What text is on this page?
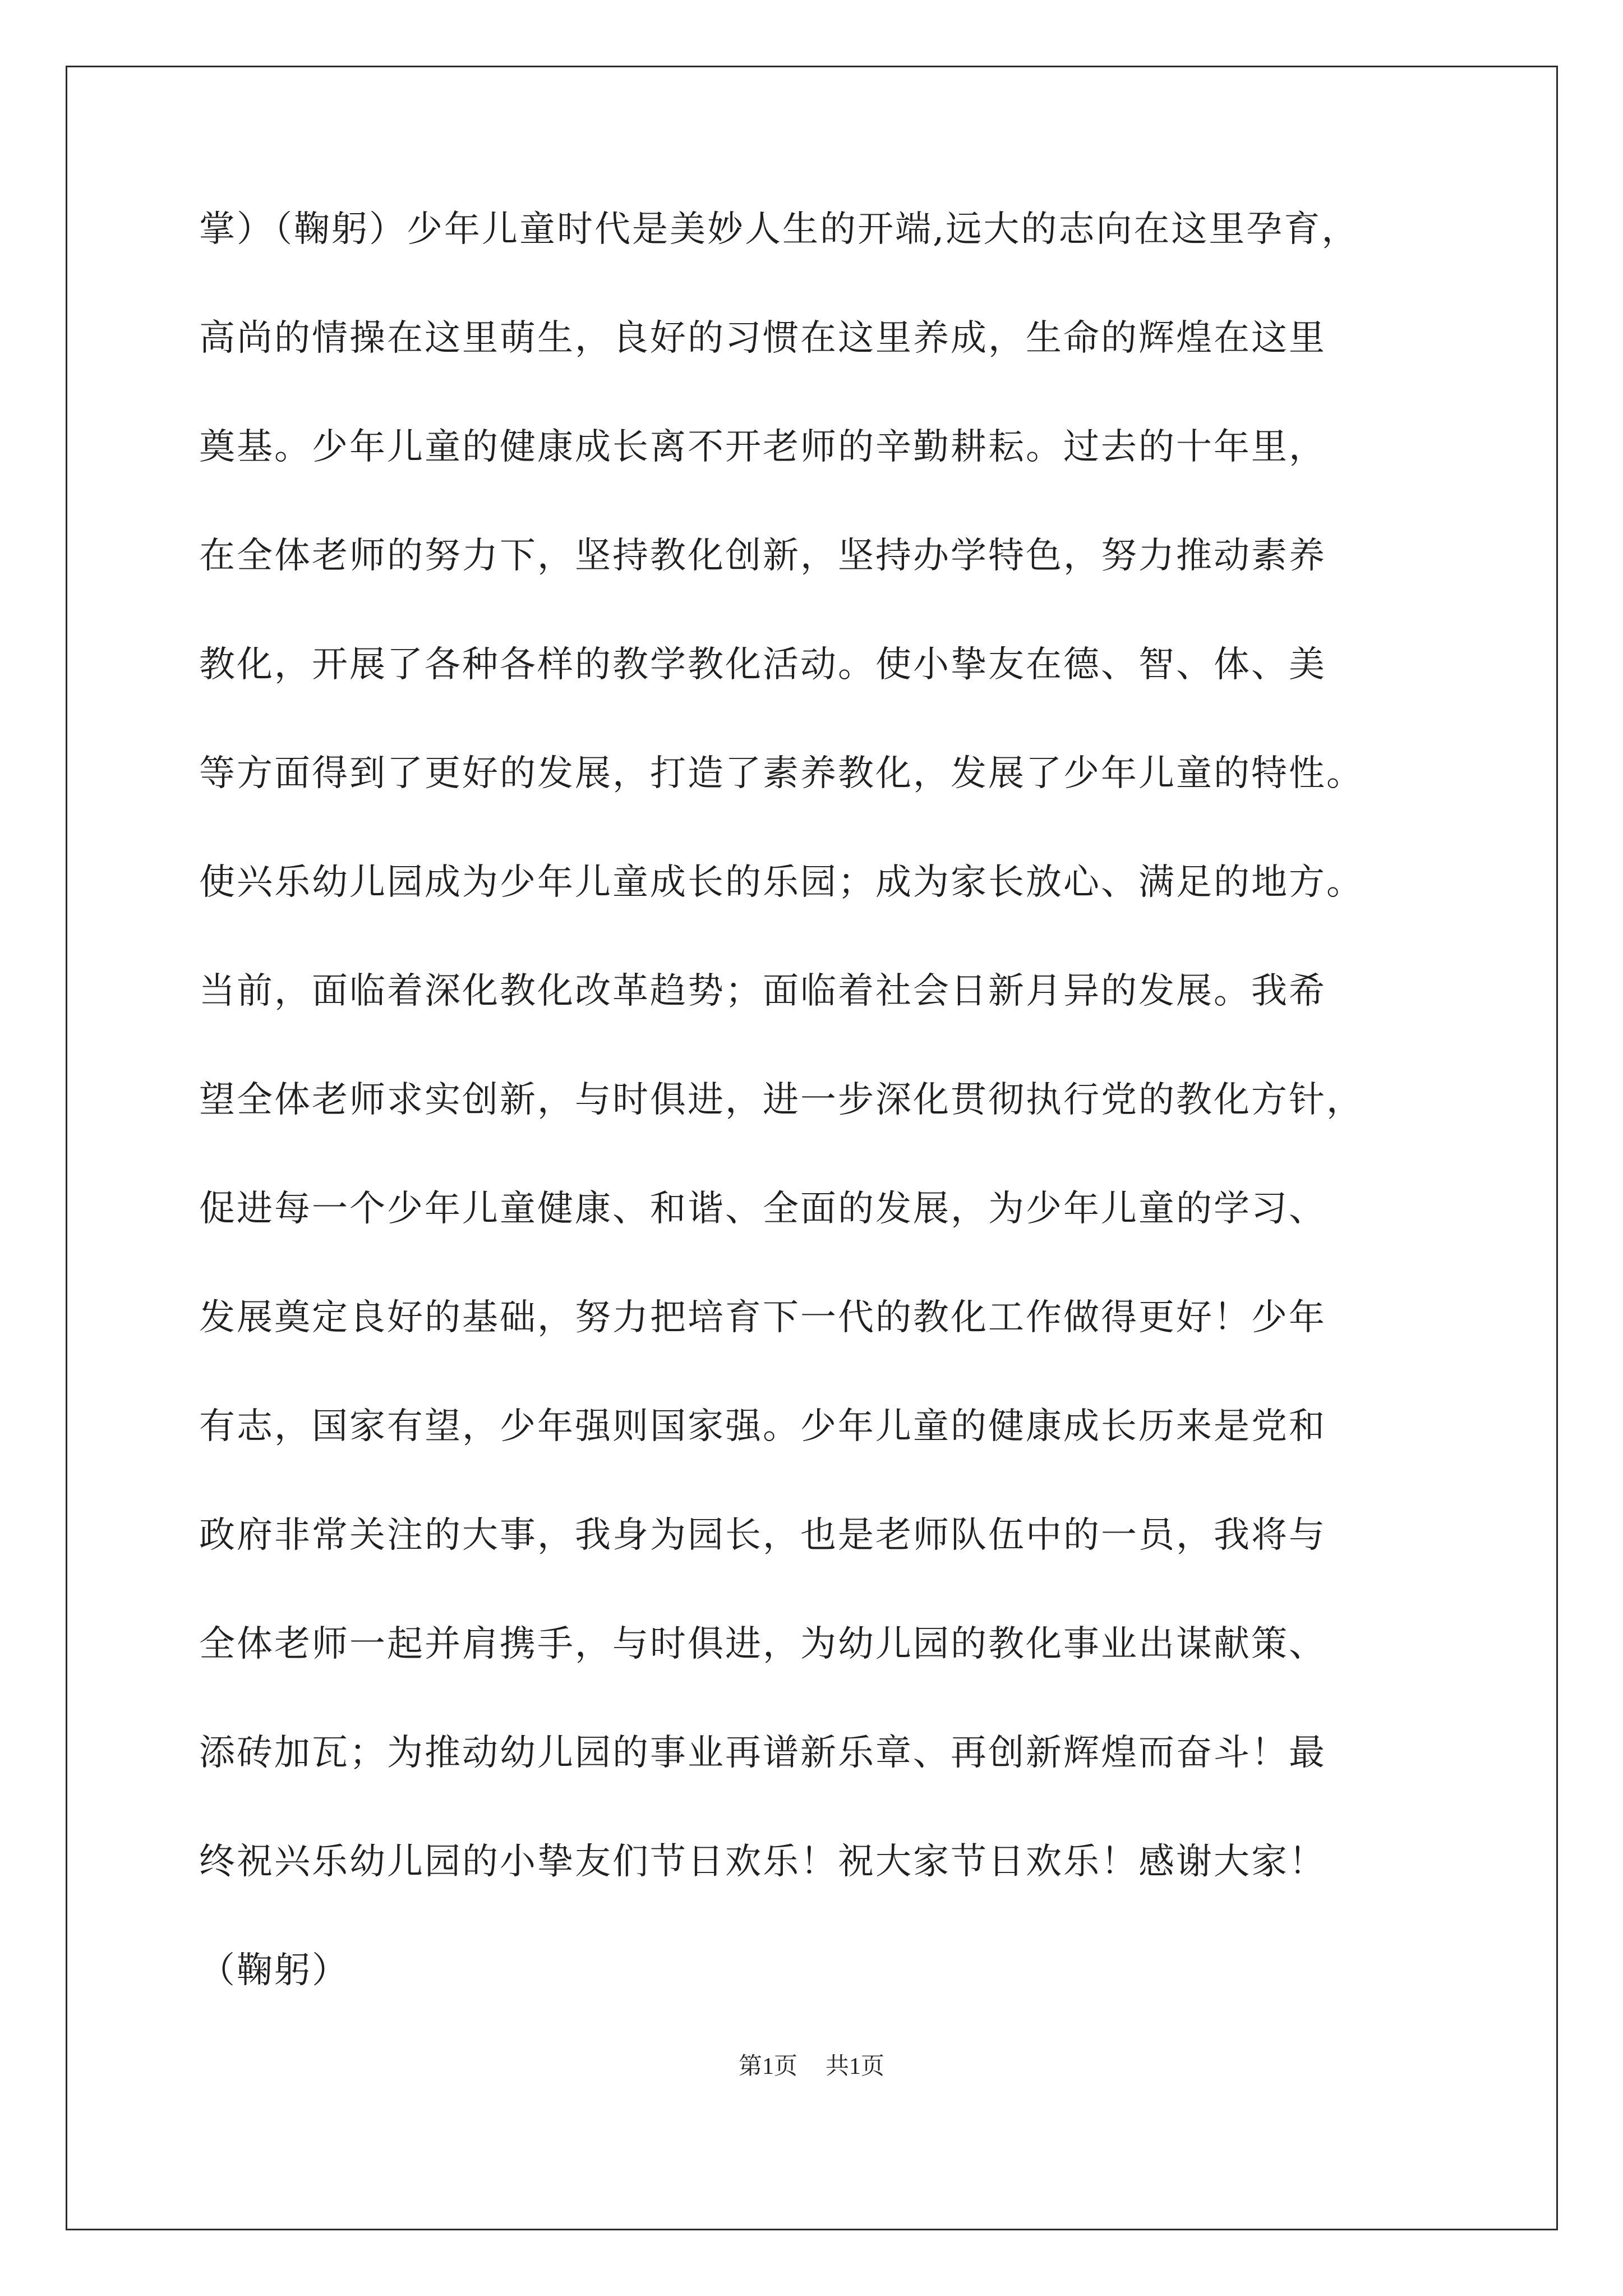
掌）（鞠躬）少年儿童时代是美妙人生的开端,远大的志向在这里孕育，
高尚的情操在这里萌生，良好的习惯在这里养成，生命的辉煌在这里
奠基。少年儿童的健康成长离不开老师的辛勤耕耘。过去的十年里，
在全体老师的努力下，坚持教化创新，坚持办学特色，努力推动素养
教化，开展了各种各样的教学教化活动。使小挚友在德、智、体、美
等方面得到了更好的发展，打造了素养教化，发展了少年儿童的特性。
使兴乐幼儿园成为少年儿童成长的乐园；成为家长放心、满足的地方。
当前，面临着深化教化改革趋势；面临着社会日新月异的发展。我希
望全体老师求实创新，与时俱进，进一步深化贯彻执行党的教化方针，
促进每一个少年儿童健康、和谐、全面的发展，为少年儿童的学习、
发展奠定良好的基础，努力把培育下一代的教化工作做得更好！少年
有志，国家有望，少年强则国家强。少年儿童的健康成长历来是党和
政府非常关注的大事，我身为园长，也是老师队伍中的一员，我将与
全体老师一起并肩携手，与时俱进，为幼儿园的教化事业出谋献策、
添砖加瓦；为推动幼儿园的事业再谱新乐章、再创新辉煌而奋斗！最
终祝兴乐幼儿园的小挚友们节日欢乐！祝大家节日欢乐！感谢大家！
（鞠躬）
第1页 共1页
